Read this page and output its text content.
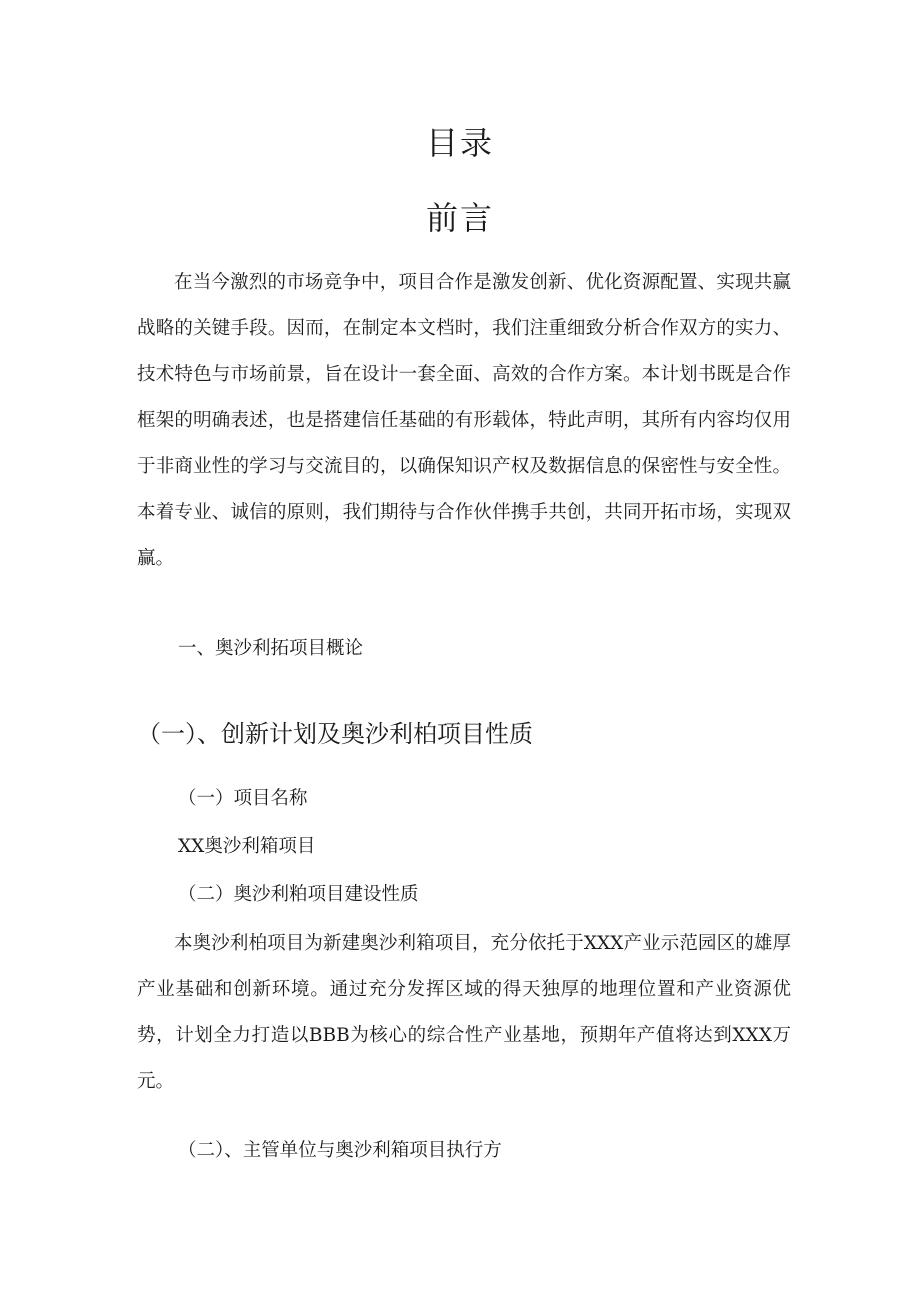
目录
前言

在当今激烈的市场竞争中，项目合作是激发创新、优化资源配置、实现共赢战略的关键手段。因而，在制定本文档时，我们注重细致分析合作双方的实力、技术特色与市场前景，旨在设计一套全面、高效的合作方案。本计划书既是合作框架的明确表述，也是搭建信任基础的有形载体，特此声明，其所有内容均仅用于非商业性的学习与交流目的，以确保知识产权及数据信息的保密性与安全性。本着专业、诚信的原则，我们期待与合作伙伴携手共创，共同开拓市场，实现双赢。

一、奥沙利拓项目概论

（一）、创新计划及奥沙利柏项目性质

（一）项目名称

XX奥沙利箱项目

（二）奥沙利粕项目建设性质

本奥沙利柏项目为新建奥沙利箱项目，充分依托于XXX产业示范园区的雄厚产业基础和创新环境。通过充分发挥区域的得天独厚的地理位置和产业资源优势，计划全力打造以BBB为核心的综合性产业基地，预期年产值将达到XXX万元。

（二）、主管单位与奥沙利箱项目执行方
